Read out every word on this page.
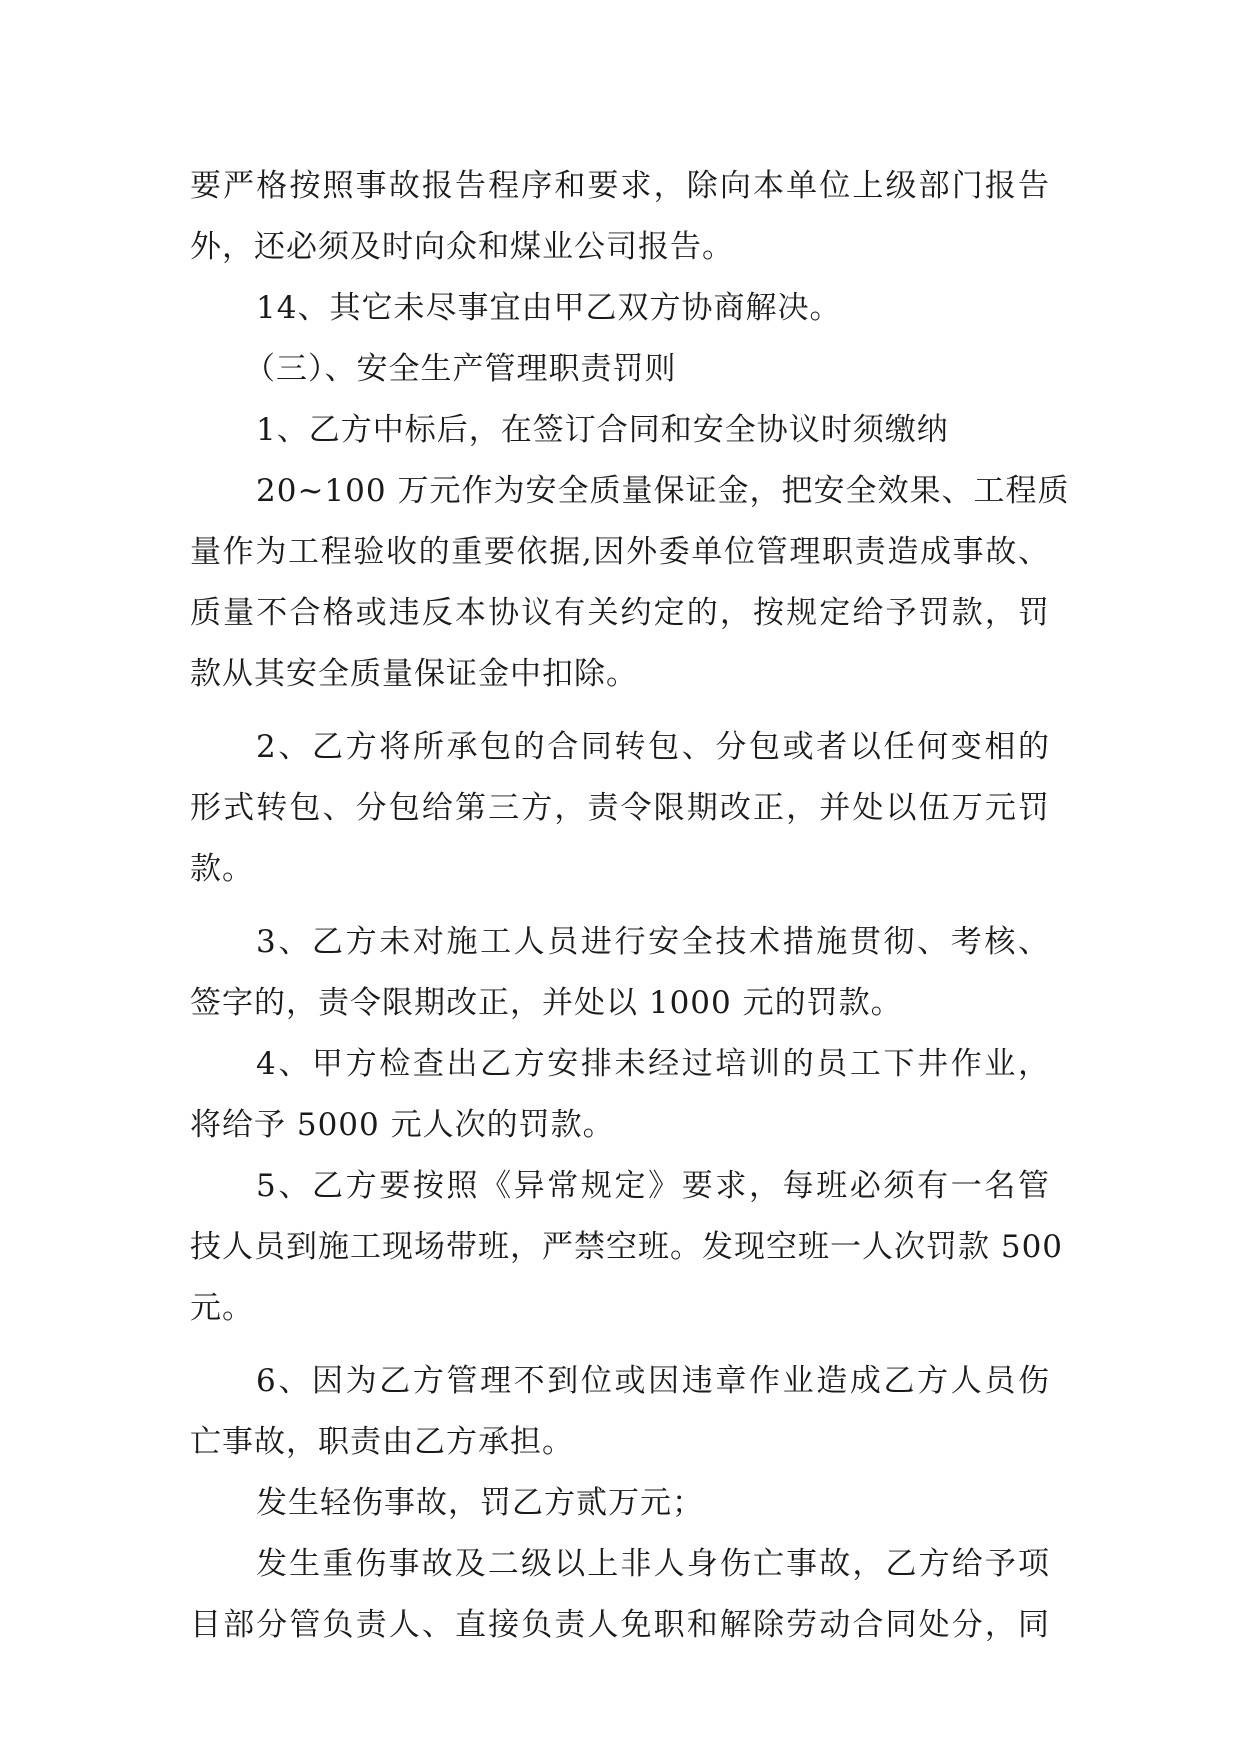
要严格按照事故报告程序和要求，除向本单位上级部门报告
外，还必须及时向众和煤业公司报告。
14、其它未尽事宜由甲乙双方协商解决。
（三）、安全生产管理职责罚则
1、乙方中标后，在签订合同和安全协议时须缴纳
20~100 万元作为安全质量保证金，把安全效果、工程质
量作为工程验收的重要依据,因外委单位管理职责造成事故、
质量不合格或违反本协议有关约定的，按规定给予罚款，罚
款从其安全质量保证金中扣除。
2、乙方将所承包的合同转包、分包或者以任何变相的
形式转包、分包给第三方，责令限期改正，并处以伍万元罚
款。
3、乙方未对施工人员进行安全技术措施贯彻、考核、
签字的，责令限期改正，并处以 1000 元的罚款。
4、甲方检查出乙方安排未经过培训的员工下井作业，
将给予 5000 元人次的罚款。
5、乙方要按照《异常规定》要求，每班必须有一名管
技人员到施工现场带班，严禁空班。发现空班一人次罚款 500
元。
6、因为乙方管理不到位或因违章作业造成乙方人员伤
亡事故，职责由乙方承担。
发生轻伤事故，罚乙方贰万元；
发生重伤事故及二级以上非人身伤亡事故，乙方给予项
目部分管负责人、直接负责人免职和解除劳动合同处分，同
